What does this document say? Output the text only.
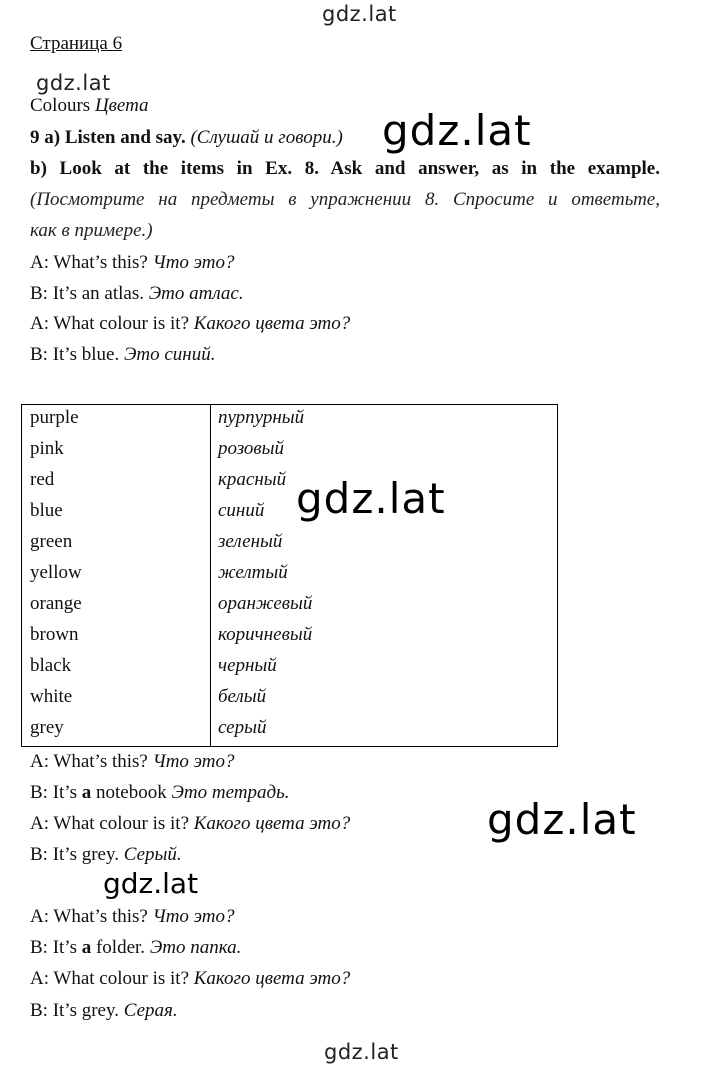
gdz.lat
gdz.lat
gdz.lat
gdz.lat
gdz.lat
gdz.lat
gdz.lat
Страница 6
Colours Цвета
9 a) Listen and say. (Слушай и говори.)
b) Look at the items in Ex. 8. Ask and answer, as in the example.
(Посмотрите на предметы в упражнении 8. Спросите и ответьте,
как в примере.)
A: What’s this? Что это?
B: It’s an atlas. Это атлас.
A: What colour is it? Какого цвета это?
B: It’s blue. Это синий.
purple	пурпурный
pink	розовый
red	красный
blue	синий
green	зеленый
yellow	желтый
orange	оранжевый
brown	коричневый
black	черный
white	белый
grey	серый
A: What’s this? Что это?
B: It’s a notebook Это тетрадь.
A: What colour is it? Какого цвета это?
B: It’s grey. Серый.
A: What’s this? Что это?
B: It’s a folder. Это папка.
A: What colour is it? Какого цвета это?
B: It’s grey. Серая.
